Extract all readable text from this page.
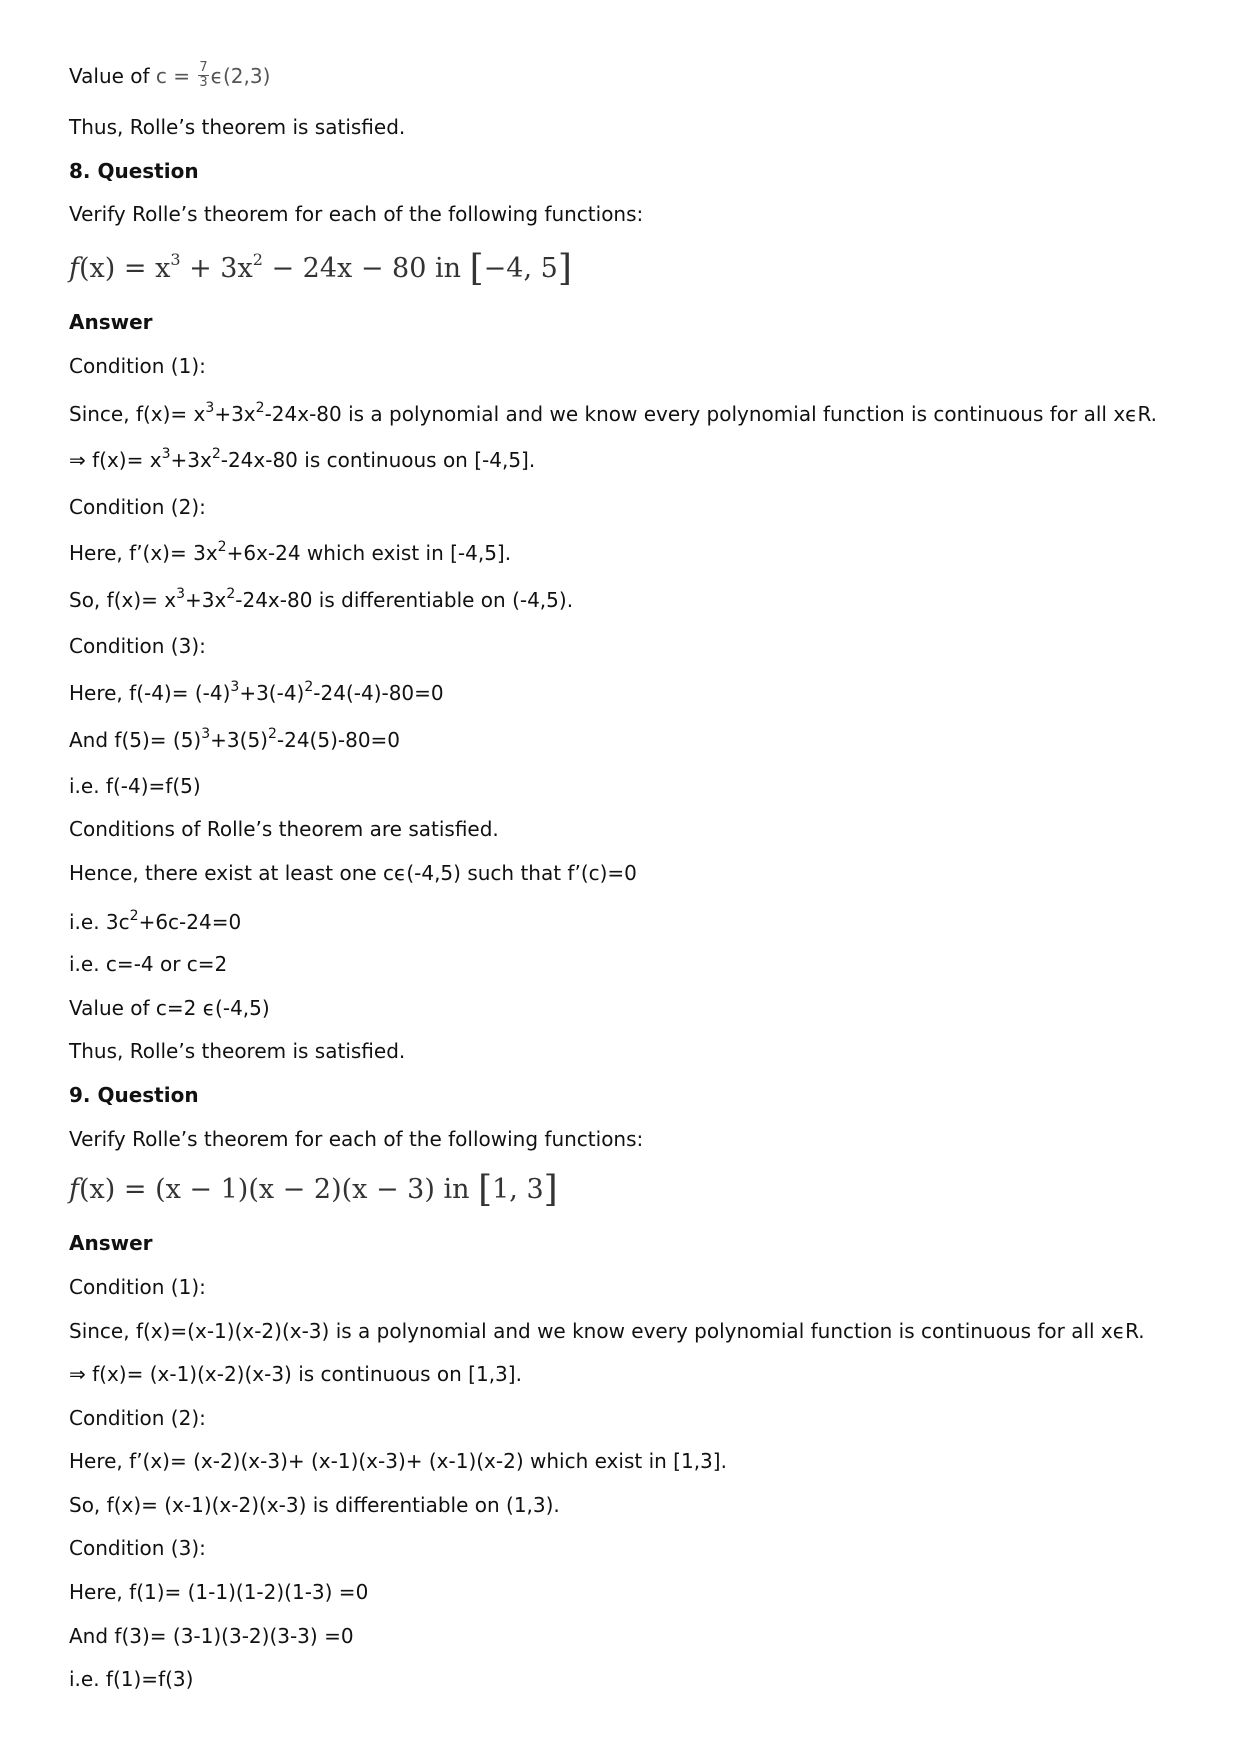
Value of $c = \frac{7}{3} \epsilon(2,3)$
Thus, Rolle’s theorem is satisfied.
8. Question
Verify Rolle’s theorem for each of the following functions:
$f(x) = x^3 + 3x^2 - 24x - 80$ in [−4, 5]
Answer
Condition (1):
Since, $f(x)= x^3+3x^2-24x-80$ is a polynomial and we know every polynomial function is continuous for all xϵR.
⇒ $f(x)= x^3+3x^2-24x-80$ is continuous on [-4,5].
Condition (2):
Here, f’(x)= $3x^2+6x-24$ which exist in [-4,5].
So, $f(x)= x^3+3x^2-24x-80$ is differentiable on (-4,5).
Condition (3):
Here, $f(-4)= (-4)^3+3(-4)^2-24(-4)-80=0$
And $f(5)= (5)^3+3(5)^2-24(5)-80=0$
i.e. f(-4)=f(5)
Conditions of Rolle’s theorem are satisfied.
Hence, there exist at least one cϵ(-4,5) such that f’(c)=0
i.e. $3c^2+6c-24=0$
i.e. c=-4 or c=2
Value of c=2 ϵ(-4,5)
Thus, Rolle’s theorem is satisfied.
9. Question
Verify Rolle’s theorem for each of the following functions:
f(x) = (x − 1)(x − 2)(x − 3) in [1, 3]
Answer
Condition (1):
Since, f(x)=(x-1)(x-2)(x-3) is a polynomial and we know every polynomial function is continuous for all xϵR.
⇒ f(x)= (x-1)(x-2)(x-3) is continuous on [1,3].
Condition (2):
Here, f’(x)= (x-2)(x-3)+ (x-1)(x-3)+ (x-1)(x-2) which exist in [1,3].
So, f(x)= (x-1)(x-2)(x-3) is differentiable on (1,3).
Condition (3):
Here, f(1)= (1-1)(1-2)(1-3) =0
And f(3)= (3-1)(3-2)(3-3) =0
i.e. f(1)=f(3)
